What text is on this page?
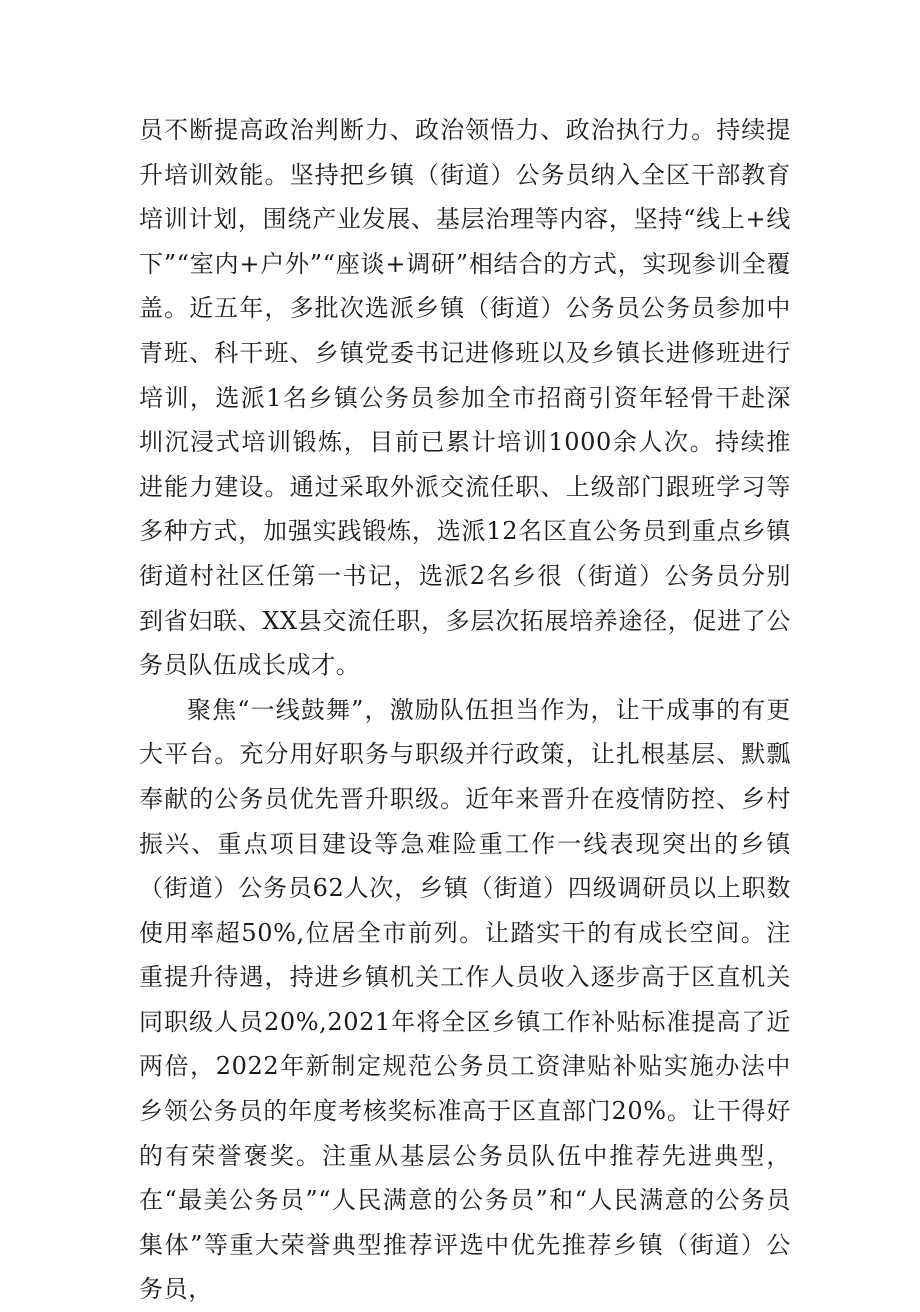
员不断提高政治判断力、政治领悟力、政治执行力。持续提升培训效能。坚持把乡镇（街道）公务员纳入全区干部教育培训计划，围绕产业发展、基层治理等内容，坚持“线上+线下”“室内+户外”“座谈+调研”相结合的方式，实现参训全覆盖。近五年，多批次选派乡镇（街道）公务员公务员参加中青班、科干班、乡镇党委书记进修班以及乡镇长进修班进行培训，选派1名乡镇公务员参加全市招商引资年轻骨干赴深圳沉浸式培训锻炼，目前已累计培训1000余人次。持续推进能力建设。通过采取外派交流任职、上级部门跟班学习等多种方式，加强实践锻炼，选派12名区直公务员到重点乡镇街道村社区任第一书记，选派2名乡很（街道）公务员分别到省妇联、XX县交流任职，多层次拓展培养途径，促进了公务员队伍成长成才。

聚焦“一线鼓舞”，激励队伍担当作为，让干成事的有更大平台。充分用好职务与职级并行政策，让扎根基层、默瓢奉献的公务员优先晋升职级。近年来晋升在疫情防控、乡村振兴、重点项目建设等急难险重工作一线表现突出的乡镇（街道）公务员62人次，乡镇（街道）四级调研员以上职数使用率超50%,位居全市前列。让踏实干的有成长空间。注重提升待遇，持进乡镇机关工作人员收入逐步高于区直机关同职级人员20%,2021年将全区乡镇工作补贴标准提高了近两倍，2022年新制定规范公务员工资津贴补贴实施办法中乡领公务员的年度考核奖标准高于区直部门20%。让干得好的有荣誉褒奖。注重从基层公务员队伍中推荐先进典型，在“最美公务员”“人民满意的公务员”和“人民满意的公务员集体”等重大荣誉典型推荐评选中优先推荐乡镇（街道）公务员，
